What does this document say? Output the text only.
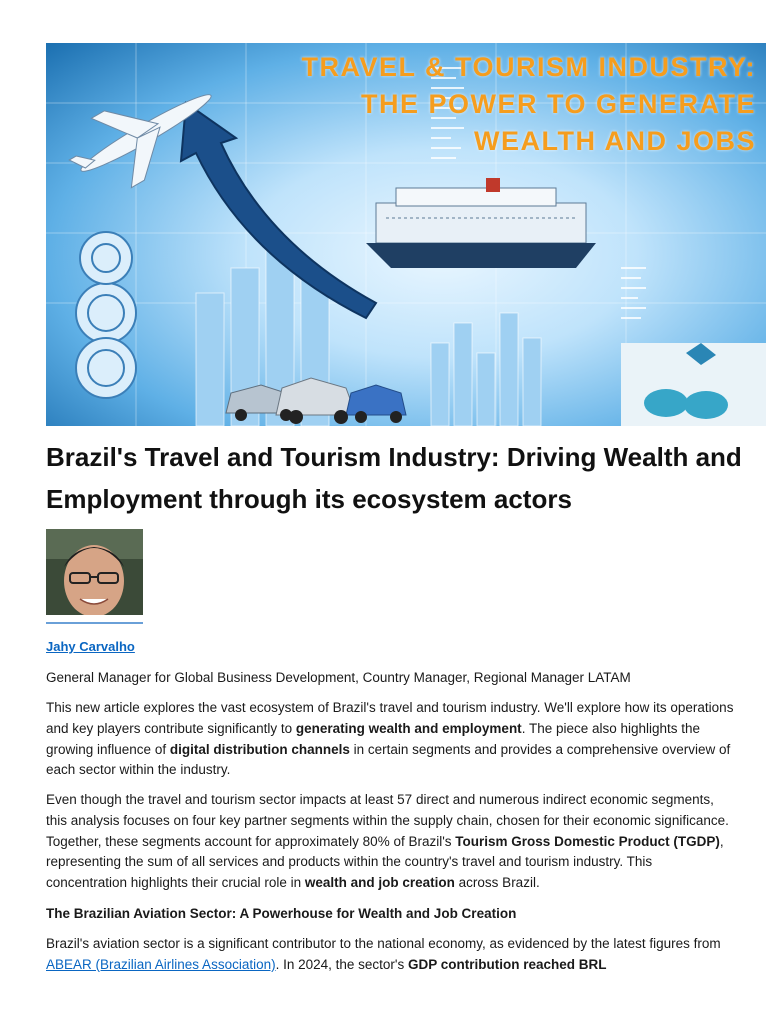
TRAVEL & TOURISM INDUSTRY:
THE POWER TO GENERATE
WEALTH AND JOBS
Brazil's Travel and Tourism Industry: Driving Wealth and Employment through its ecosystem actors
Jahy Carvalho
General Manager for Global Business Development, Country Manager, Regional Manager LATAM

This new article explores the vast ecosystem of Brazil's travel and tourism industry. We'll explore how its operations and key players contribute significantly to generating wealth and employment. The piece also highlights the growing influence of digital distribution channels in certain segments and provides a comprehensive overview of each sector within the industry.

Even though the travel and tourism sector impacts at least 57 direct and numerous indirect economic segments, this analysis focuses on four key partner segments within the supply chain, chosen for their economic significance. Together, these segments account for approximately 80% of Brazil's Tourism Gross Domestic Product (TGDP), representing the sum of all services and products within the country's travel and tourism industry. This concentration highlights their crucial role in wealth and job creation across Brazil.

The Brazilian Aviation Sector: A Powerhouse for Wealth and Job Creation

Brazil's aviation sector is a significant contributor to the national economy, as evidenced by the latest figures from ABEAR (Brazilian Airlines Association). In 2024, the sector's GDP contribution reached BRL
